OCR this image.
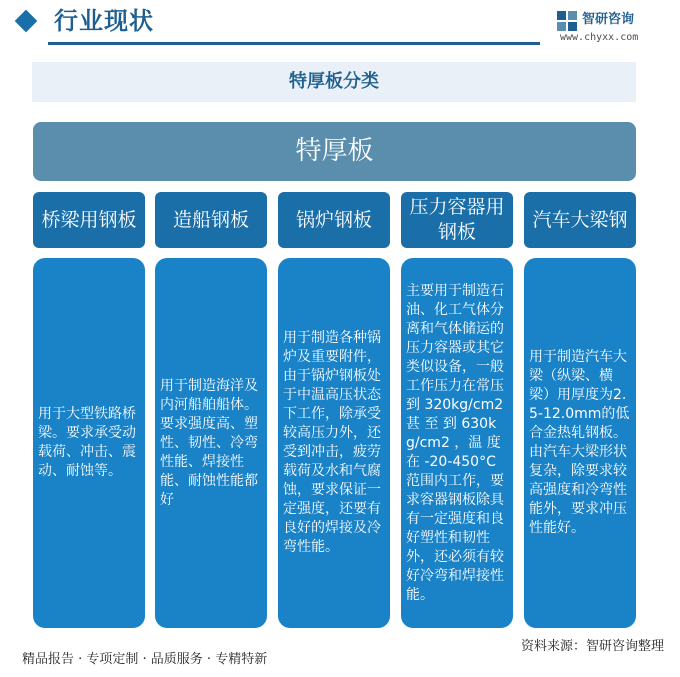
行业现状	智研咨询
www.chyxx.com
特厚板分类
特厚板
桥梁用钢板	造船钢板	锅炉钢板
压力容器用钢板
汽车大梁钢
用于大型铁路桥梁。要求承受动载荷、冲击、震动、耐蚀等。
用于制造海洋及内河船舶船体。要求强度高、塑性、韧性、冷弯性能、焊接性能、耐蚀性能都好
用于制造各种锅炉及重要附件，由于锅炉钢板处于中温高压状态下工作，除承受较高压力外，还受到冲击，疲劳载荷及水和气腐蚀，要求保证一定强度，还要有良好的焊接及冷弯性能。
主要用于制造石油、化工气体分离和气体储运的压力容器或其它类似设备，一般工作压力在常压到 320kg/cm2 甚 至 到 630kg/cm2 ，温 度 在 -20-450°C范围内工作，要求容器钢板除具有一定强度和良好塑性和韧性外，还必须有较好冷弯和焊接性能。
用于制造汽车大梁（纵梁、横梁）用厚度为2.5-12.0mm的低合金热轧钢板。由汽车大梁形状复杂，除要求较高强度和冷弯性能外，要求冲压性能好。
资料来源：智研咨询整理
精品报告 · 专项定制 · 品质服务 · 专精特新
